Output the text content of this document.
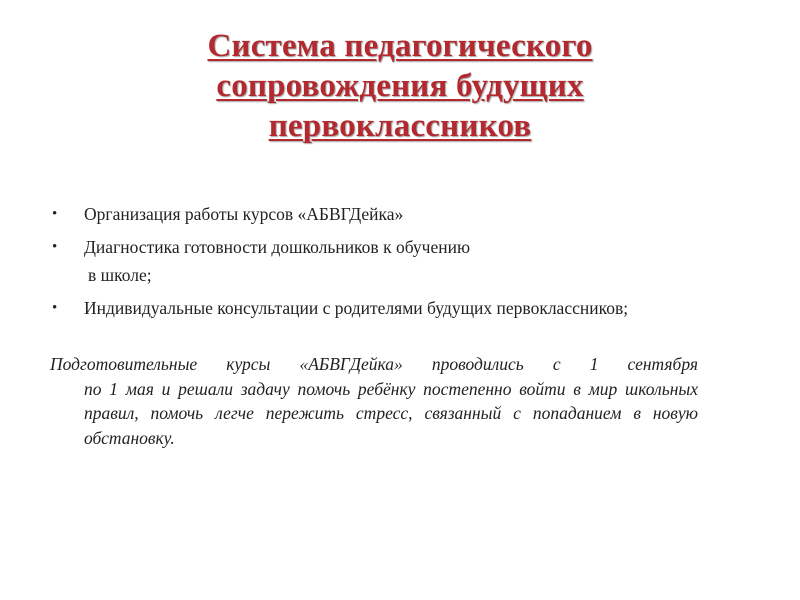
Система педагогического
сопровождения будущих
первоклассников
• Организация работы курсов «АБВГДейка»
• Диагностика готовности дошкольников к обучению
в школе;
• Индивидуальные консультации с родителями будущих первоклассников;
Подготовительные курсы «АБВГДейка» проводились с 1 сентября
по 1 мая и решали задачу помочь ребёнку постепенно войти в мир школьных правил, помочь легче пережить стресс, связанный с попаданием в новую обстановку.
